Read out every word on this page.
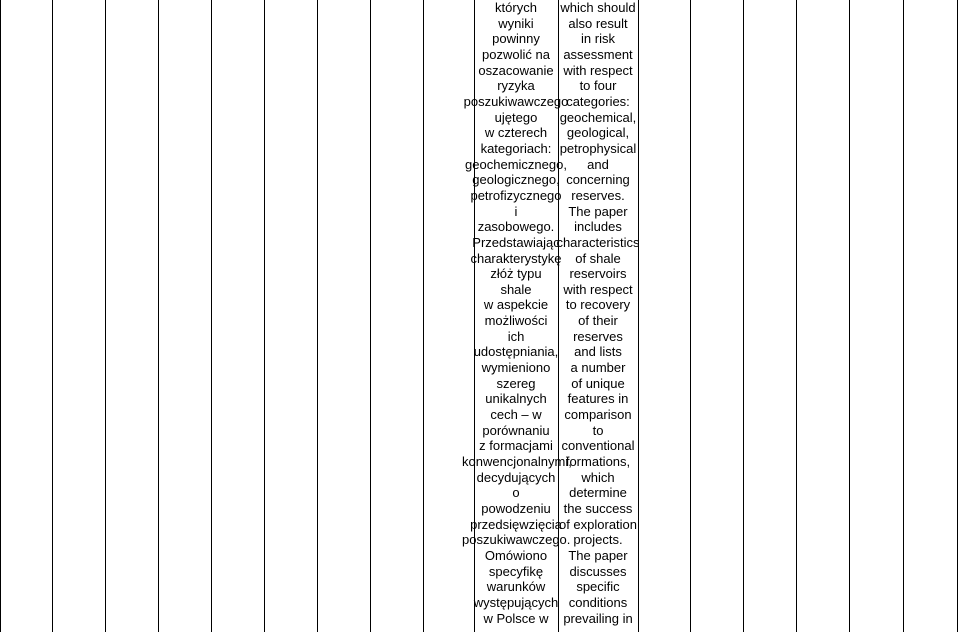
których
wyniki
powinny
pozwolić na
oszacowanie
ryzyka
poszukiwawczego
ujętego
w czterech
kategoriach:
geochemicznego,
geologicznego,
petrofizycznego
i
zasobowego.
Przedstawiając
charakterystykę
złóż typu
shale
w aspekcie
możliwości
ich
udostępniania,
wymieniono
szereg
unikalnych
cech – w
porównaniu
z formacjami
konwencjonalnymi,
decydujących
o
powodzeniu
przedsięwzięcia
poszukiwawczego.
Omówiono
specyfikę
warunków
występujących
w Polsce w
which should
also result
in risk
assessment
with respect
to four
categories:
geochemical,
geological,
petrophysical
and
concerning
reserves.
The paper
includes
characteristics
of shale
reservoirs
with respect
to recovery
of their
reserves
and lists
a number
of unique
features in
comparison
to
conventional
formations,
which
determine
the success
of exploration
projects.
The paper
discusses
specific
conditions
prevailing in
